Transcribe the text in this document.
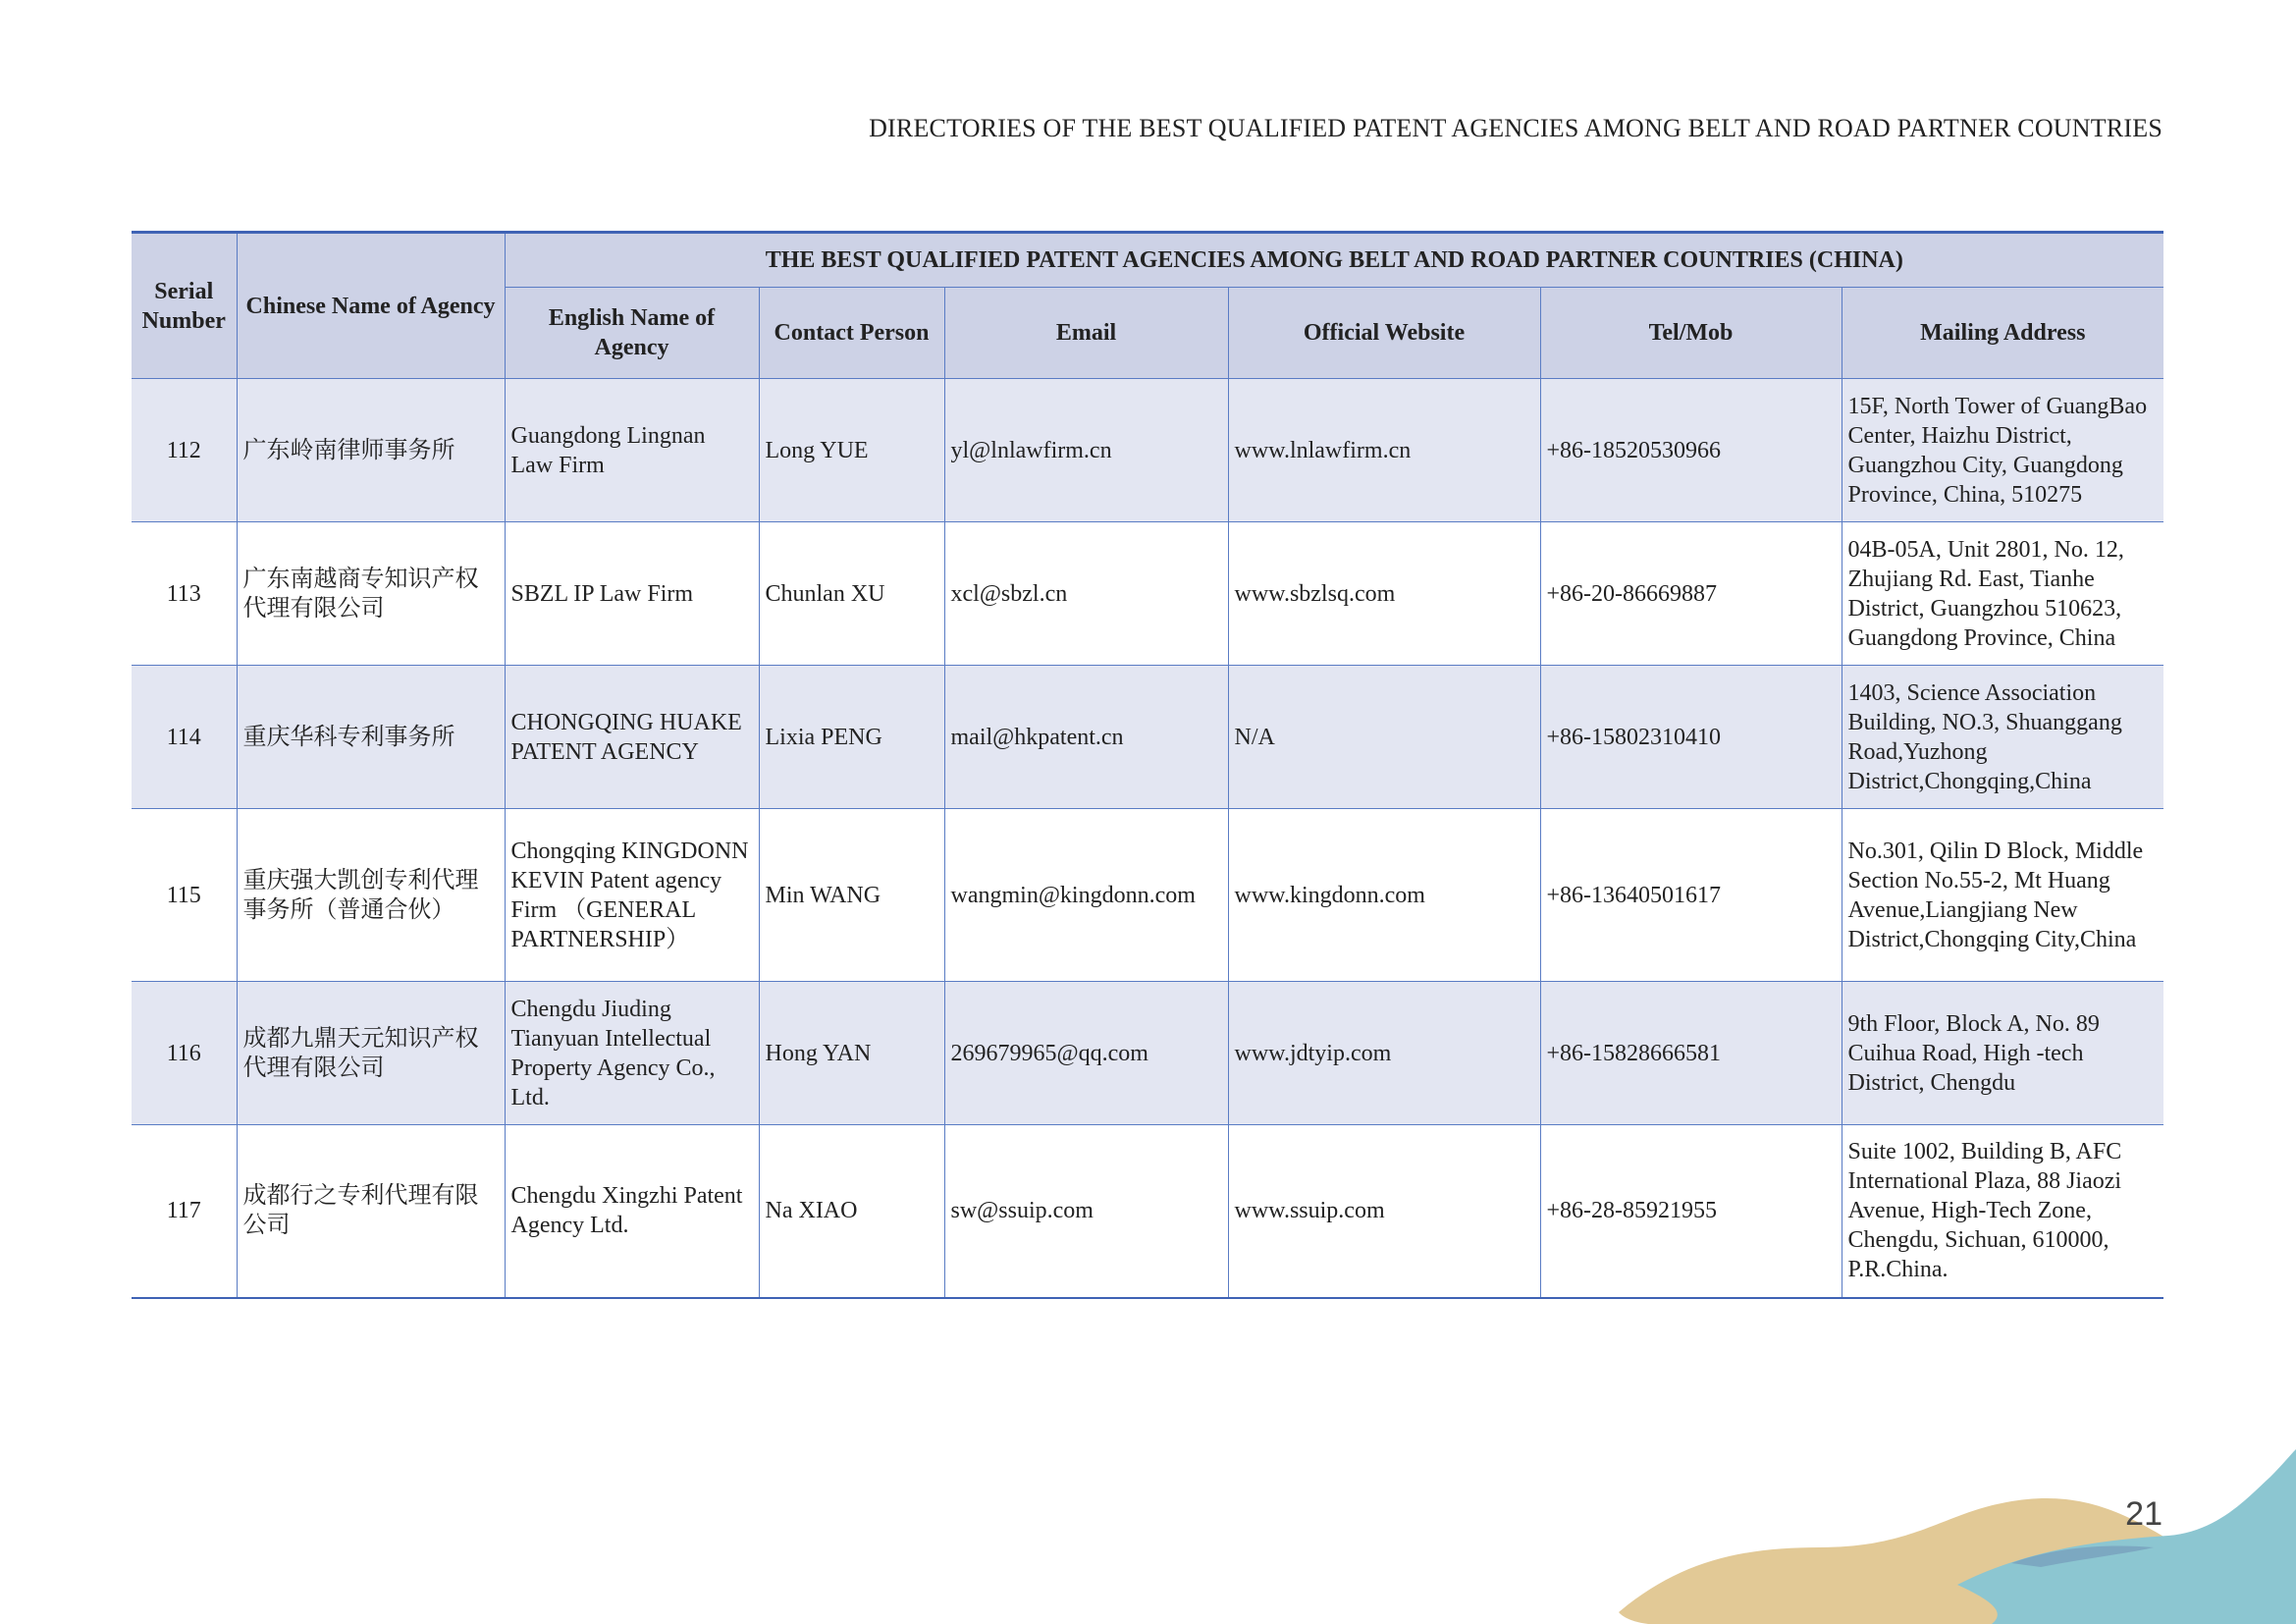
DIRECTORIES OF THE BEST QUALIFIED PATENT AGENCIES AMONG BELT AND ROAD PARTNER COUNTRIES
Serial Number	Chinese Name of Agency	THE BEST QUALIFIED PATENT AGENCIES AMONG BELT AND ROAD PARTNER COUNTRIES (CHINA)					
		English Name of Agency	Contact Person	Email	Official Website	Tel/Mob	Mailing Address
112	广东岭南律师事务所	Guangdong Lingnan Law Firm	Long YUE	yl@lnlawfirm.cn	www.lnlawfirm.cn	+86-18520530966	15F, North Tower of GuangBao Center, Haizhu District, Guangzhou City, Guangdong Province, China, 510275
113	广东南越商专知识产权代理有限公司	SBZL IP Law Firm	Chunlan XU	xcl@sbzl.cn	www.sbzlsq.com	+86-20-86669887	04B-05A, Unit 2801, No. 12, Zhujiang Rd. East, Tianhe District, Guangzhou 510623, Guangdong Province, China
114	重庆华科专利事务所	CHONGQING HUAKE PATENT AGENCY	Lixia PENG	mail@hkpatent.cn	N/A	+86-15802310410	1403, Science Association Building, NO.3, Shuanggang Road,Yuzhong District,Chongqing,China
115	重庆强大凯创专利代理事务所（普通合伙）	Chongqing KINGDONN KEVIN Patent agency Firm （GENERAL PARTNERSHIP）	Min WANG	wangmin@kingdonn.com	www.kingdonn.com	+86-13640501617	No.301, Qilin D Block, Middle Section No.55-2, Mt Huang Avenue,Liangjiang New District,Chongqing City,China
116	成都九鼎天元知识产权代理有限公司	Chengdu Jiuding Tianyuan Intellectual Property Agency Co., Ltd.	Hong YAN	269679965@qq.com	www.jdtyip.com	+86-15828666581	9th Floor, Block A, No. 89 Cuihua Road, High -tech District, Chengdu
117	成都行之专利代理有限公司	Chengdu Xingzhi Patent Agency Ltd.	Na XIAO	sw@ssuip.com	www.ssuip.com	+86-28-85921955	Suite 1002, Building B, AFC International Plaza, 88 Jiaozi Avenue, High-Tech Zone, Chengdu, Sichuan, 610000, P.R.China.
21
